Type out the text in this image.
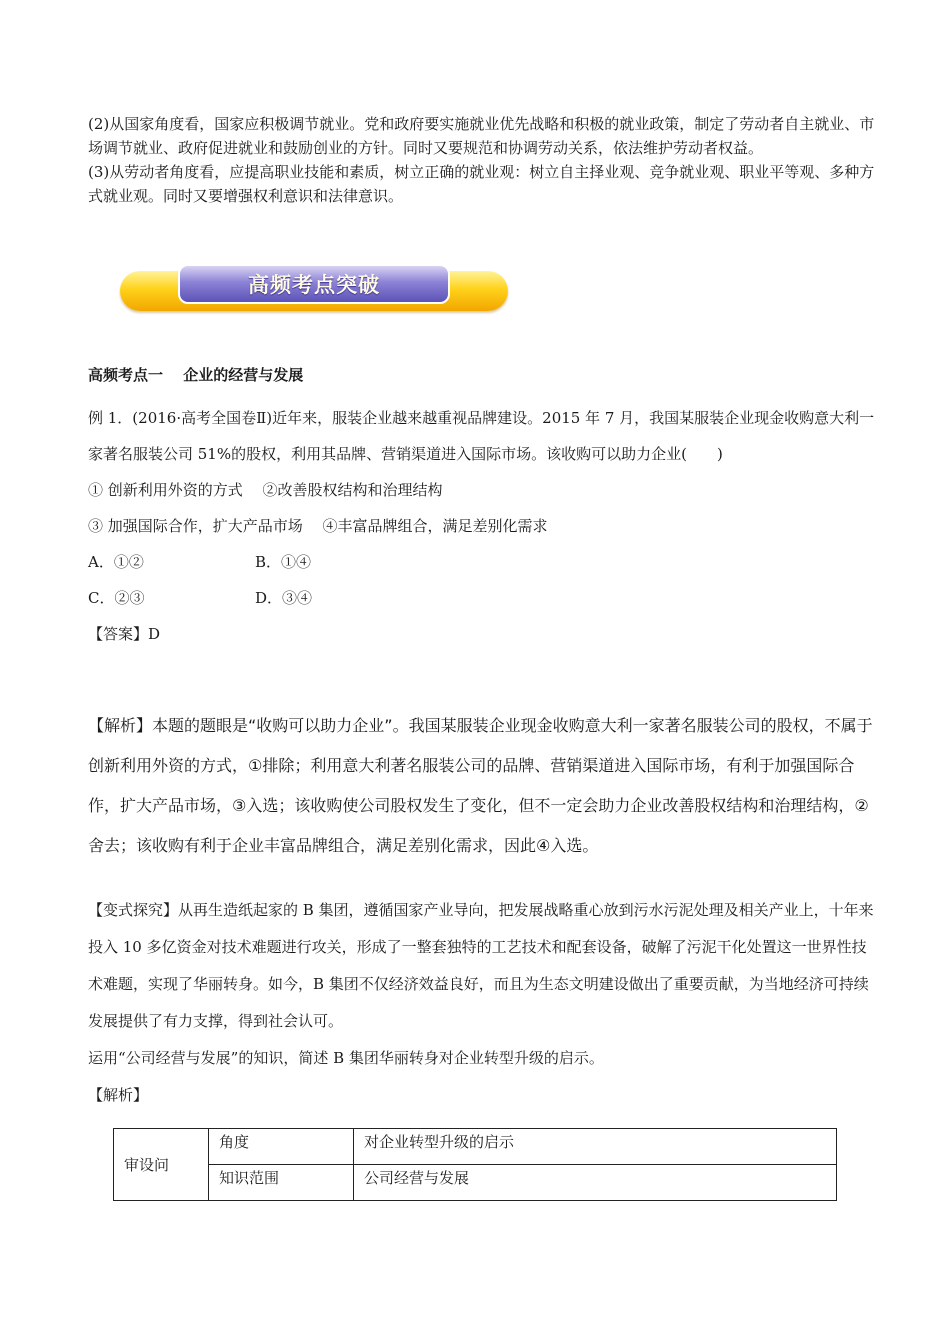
(2)从国家角度看，国家应积极调节就业。党和政府要实施就业优先战略和积极的就业政策，制定了劳动者自主就业、市场调节就业、政府促进就业和鼓励创业的方针。同时又要规范和协调劳动关系，依法维护劳动者权益。

(3)从劳动者角度看，应提高职业技能和素质，树立正确的就业观：树立自主择业观、竞争就业观、职业平等观、多种方式就业观。同时又要增强权利意识和法律意识。

高频考点突破
高频考点一　 企业的经营与发展

例 1．(2016·高考全国卷Ⅱ)近年来，服装企业越来越重视品牌建设。2015 年 7 月，我国某服装企业现金收购意大利一家著名服装公司 51%的股权，利用其品牌、营销渠道进入国际市场。该收购可以助力企业(　　)

① 创新利用外资的方式　 ②改善股权结构和治理结构

③ 加强国际合作，扩大产品市场　 ④丰富品牌组合，满足差别化需求

A．①②	B．①④

C．②③	D．③④

【答案】D

【解析】本题的题眼是“收购可以助力企业”。我国某服装企业现金收购意大利一家著名服装公司的股权，不属于创新利用外资的方式，①排除；利用意大利著名服装公司的品牌、营销渠道进入国际市场，有利于加强国际合作，扩大产品市场，③入选；该收购使公司股权发生了变化，但不一定会助力企业改善股权结构和治理结构，②舍去；该收购有利于企业丰富品牌组合，满足差别化需求，因此④入选。

【变式探究】从再生造纸起家的 B 集团，遵循国家产业导向，把发展战略重心放到污水污泥处理及相关产业上，十年来投入 10 多亿资金对技术难题进行攻关，形成了一整套独特的工艺技术和配套设备，破解了污泥干化处置这一世界性技术难题，实现了华丽转身。如今，B 集团不仅经济效益良好，而且为生态文明建设做出了重要贡献，为当地经济可持续发展提供了有力支撑，得到社会认可。

运用“公司经营与发展”的知识，简述 B 集团华丽转身对企业转型升级的启示。

【解析】

审设问	角度	对企业转型升级的启示
	知识范围	公司经营与发展
